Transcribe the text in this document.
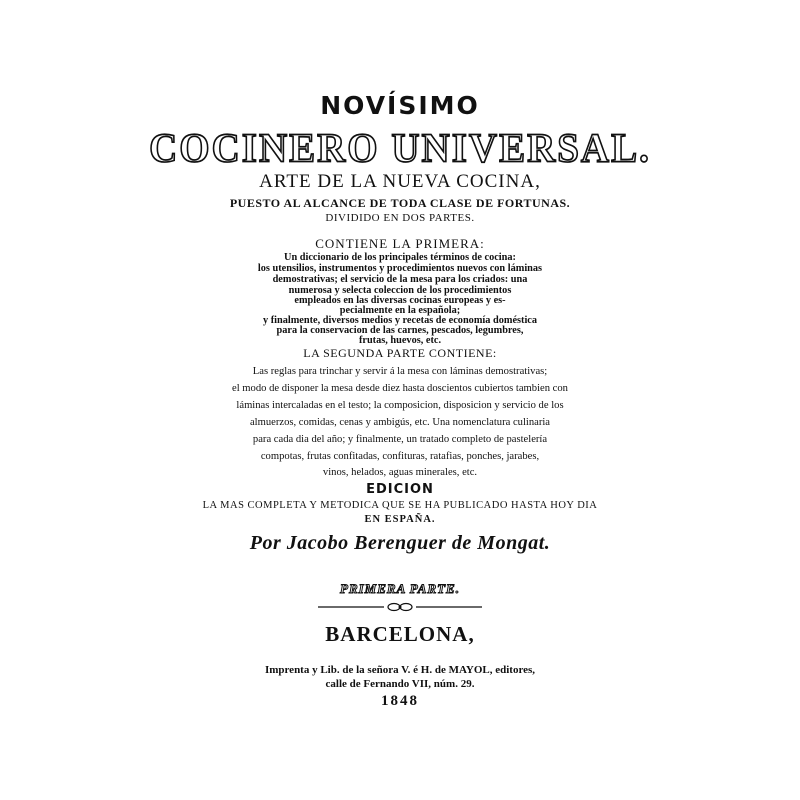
NOVÍSIMO
COCINERO UNIVERSAL.
ARTE DE LA NUEVA COCINA,
PUESTO AL ALCANCE DE TODA CLASE DE FORTUNAS.
DIVIDIDO EN DOS PARTES.
CONTIENE LA PRIMERA:
Un diccionario de los principales términos de cocina:
los utensilios, instrumentos y procedimientos nuevos con láminas
demostrativas; el servicio de la mesa para los criados: una
numerosa y selecta coleccion de los procedimientos
empleados en las diversas cocinas europeas y es-
pecialmente en la española;
y finalmente, diversos medios y recetas de economía doméstica
para la conservacion de las carnes, pescados, legumbres,
frutas, huevos, etc.
LA SEGUNDA PARTE CONTIENE:
Las reglas para trinchar y servir á la mesa con láminas demostrativas;
el modo de disponer la mesa desde diez hasta doscientos cubiertos tambien con
láminas intercaladas en el testo; la composicion, disposicion y servicio de los
almuerzos, comidas, cenas y ambigús, etc. Una nomenclatura culinaria
para cada dia del año; y finalmente, un tratado completo de pastelería
compotas, frutas confitadas, confituras, ratafias, ponches, jarabes,
vinos, helados, aguas minerales, etc.
EDICION
LA MAS COMPLETA Y METODICA QUE SE HA PUBLICADO HASTA HOY DIA
EN ESPAÑA.
Por Jacobo Berenguer de Mongat.
PRIMERA PARTE.
BARCELONA,
Imprenta y Lib. de la señora V. é H. de MAYOL, editores,
calle de Fernando VII, núm. 29.
1848
